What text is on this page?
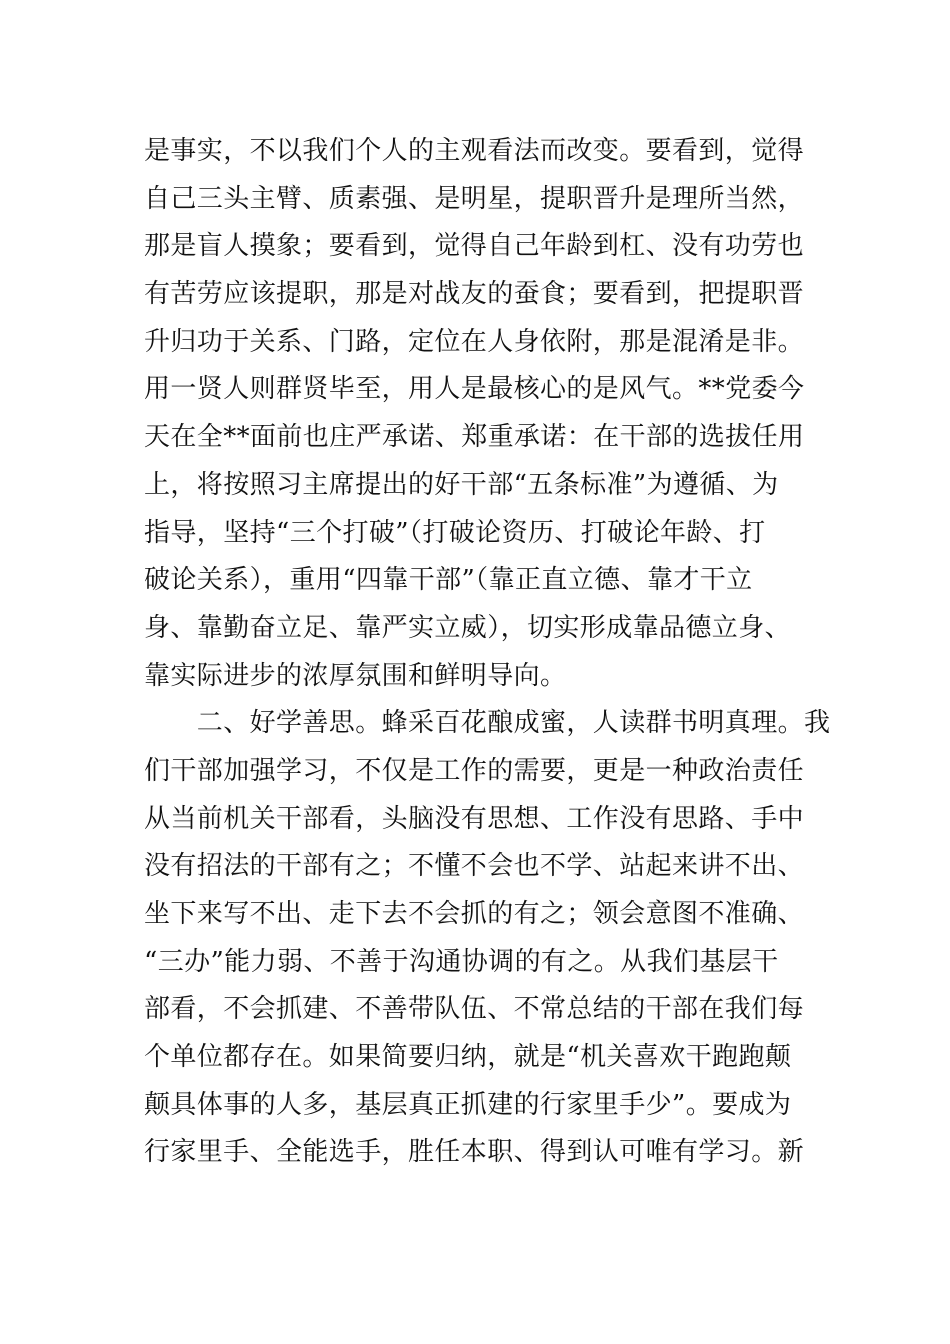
是事实，不以我们个人的主观看法而改变。要看到，觉得
自己三头主臂、质素强、是明星，提职晋升是理所当然，
那是盲人摸象；要看到，觉得自己年龄到杠、没有功劳也
有苦劳应该提职，那是对战友的蚕食；要看到，把提职晋
升归功于关系、门路，定位在人身依附，那是混淆是非。
用一贤人则群贤毕至，用人是最核心的是风气。**党委今
天在全**面前也庄严承诺、郑重承诺：在干部的选拔任用
上，将按照习主席提出的好干部“五条标准”为遵循、为
指导，坚持“三个打破”（打破论资历、打破论年龄、打
破论关系），重用“四靠干部”（靠正直立德、靠才干立
身、靠勤奋立足、靠严实立威），切实形成靠品德立身、
靠实际进步的浓厚氛围和鲜明导向。
　　二、好学善思。蜂采百花酿成蜜，人读群书明真理。我
们干部加强学习，不仅是工作的需要，更是一种政治责任
从当前机关干部看，头脑没有思想、工作没有思路、手中
没有招法的干部有之；不懂不会也不学、站起来讲不出、
坐下来写不出、走下去不会抓的有之；领会意图不准确、
“三办”能力弱、不善于沟通协调的有之。从我们基层干
部看，不会抓建、不善带队伍、不常总结的干部在我们每
个单位都存在。如果简要归纳，就是“机关喜欢干跑跑颠
颠具体事的人多，基层真正抓建的行家里手少”。要成为
行家里手、全能选手，胜任本职、得到认可唯有学习。新
